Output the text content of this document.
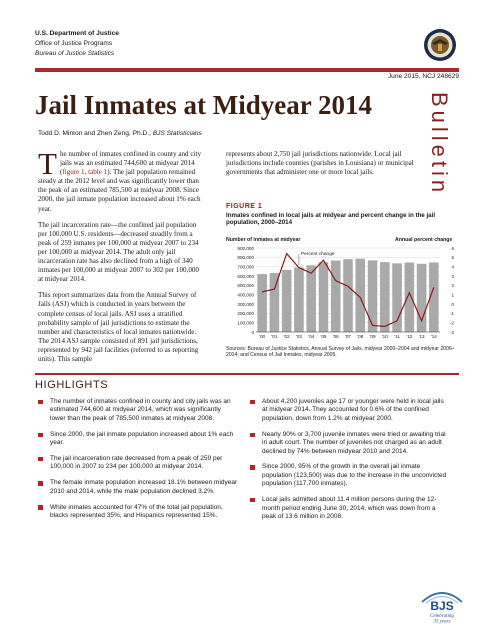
U.S. Department of Justice
Office of Justice Programs
Bureau of Justice Statistics
June 2015, NCJ 248629
Bulletin
Jail Inmates at Midyear 2014
Todd D. Minton and Zhen Zeng, Ph.D., BJS Statisticians

The number of inmates confined in county and city jails was an estimated 744,600 at midyear 2014 (figure 1, table 1). The jail population remained steady at the 2012 level and was significantly lower than the peak of an estimated 785,500 at midyear 2008. Since 2000, the jail inmate population increased about 1% each year.

The jail incarceration rate—the confined jail population per 100,000 U.S. residents—decreased steadily from a peak of 259 inmates per 100,000 at midyear 2007 to 234 per 100,000 at midyear 2014. The adult only jail incarceration rate has also declined from a high of 340 inmates per 100,000 at midyear 2007 to 302 per 100,000 at midyear 2014.

This report summarizes data from the Annual Survey of Jails (ASJ) which is conducted in years between the complete census of local jails. ASJ uses a stratified probability sample of jail jurisdictions to estimate the number and characteristics of local inmates nationwide. The 2014 ASJ sample consisted of 891 jail jurisdictions, represented by 942 jail facilities (referred to as reporting units). This sample

represents about 2,750 jail jurisdictions nationwide. Local jail jurisdictions include counties (parishes in Louisiana) or municipal governments that administer one or more local jails.
FIGURE 1
Inmates confined in local jails at midyear and percent change in the jail population, 2000–2014
Number of inmates at midyear	Annual percent change
900,000	6
800,000	5
700,000	4
600,000	3
500,000	2
400,000	1
300,000	0
200,000	-1
100,000	-2
0	-3
'00 '01 '02 '03 '04 '05 '06 '07 '08 '09 '10 '11 '12 '13 '14
Percent change
Sources: Bureau of Justice Statistics, Annual Survey of Jails, midyear 2000–2004 and midyear 2006–2014; and Census of Jail Inmates, midyear 2005.
HIGHLIGHTS
The number of inmates confined in county and city jails was an estimated 744,600 at midyear 2014, which was significantly lower than the peak of 785,500 inmates at midyear 2008.
Since 2000, the jail inmate population increased about 1% each year.
The jail incarceration rate decreased from a peak of 259 per 100,000 in 2007 to 234 per 100,000 at midyear 2014.
The female inmate population increased 18.1% between midyear 2010 and 2014, while the male population declined 3.2%.
White inmates accounted for 47% of the total jail population, blacks represented 35%, and Hispanics represented 15%.
About 4,200 juveniles age 17 or younger were held in local jails at midyear 2014. They accounted for 0.6% of the confined population, down from 1.2% at midyear 2000.
Nearly 90% or 3,700 juvenile inmates were tried or awaiting trial in adult court. The number of juveniles not charged as an adult declined by 74% between midyear 2010 and 2014.
Since 2000, 95% of the growth in the overall jail inmate population (123,500) was due to the increase in the unconvicted population (117,700 inmates).
Local jails admitted about 11.4 million persons during the 12-month period ending June 30, 2014, which was down from a peak of 13.6 million in 2008.
BJS
Celebrating
35 years
